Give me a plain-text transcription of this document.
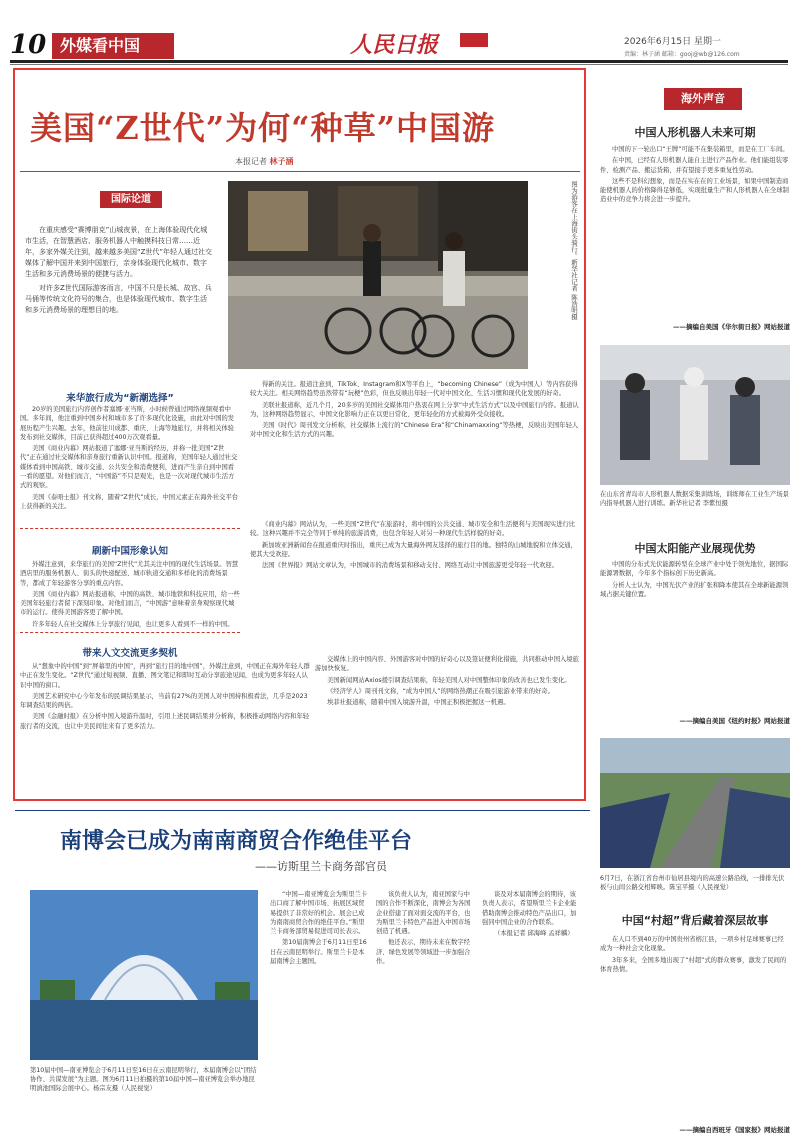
10 外媒看中国	人民日报	2026年6月15日 星期一
责编：林子涵 邮箱：gooj@wb@126.com
美国“Z世代”为何“种草”中国游
本报记者 林子涵
国际论道

在重庆感受“赛博朋克”山城夜景，在上海体验现代化城市生活，在智慧酒店、服务机器人中触摸科技日常……近年，多家外媒关注到，越来越多美国“Z世代”年轻人通过社交媒体了解中国并来到中国旅行，亲身体验现代化城市、数字生活和多元消费场景的便捷与活力。

对许多Z世代国际游客而言，中国不只是长城、故宫、兵马俑等传统文化符号的集合，也是体验现代城市、数字生活和多元消费场景的理想目的地。	图为游客在上海街头骑行。新华社记者 陈浩明摄
来华旅行成为“新潮选择”

20岁的美国旅行内容创作者塞娜·亚当斯，小时候曾通过网络视频观看中国。多年间，他注重到中国乡村和城市多了许多现代化设施，由此对中国的发展历程产生兴趣。去年，他前往川成都、重庆、上海等地旅行，并将相关体验发布到社交媒体，目前已获得超过400万次观看量。

美国《商业内幕》网站报道了塞娜·亚当斯的经历，并称一批美国“Z世代”正在通过社交媒体和亲身旅行重新认识中国。报道称，美国年轻人通过社交媒体看到中国高铁、城市交通、公共安全和消费便利，进而产生亲自到中国看一看的愿望。对他们而言，“中国游”不只是观光，也是一次对现代城市生活方式的观察。

美国《泰晤士报》刊文称，随着“Z世代”成长，中国元素正在海外社交平台上获得新的关注。

刷新中国形象认知

外媒注意到，来华旅行的美国“Z世代”尤其关注中国的现代生活场景。智慧酒店里的服务机器人、街头的快递配送、城市轨道交通和多样化的消费场景等，都成了年轻游客分享的重点内容。

美国《商业内幕》网站报道称，中国的高铁、城市地铁和科技应用，给一些美国年轻旅行者留下深刻印象。对他们而言，“中国游”意味着亲身观察现代城市的运行。使得美国游客更了解中国。

许多年轻人在社交媒体上分享旅行见闻，也让更多人看到不一样的中国。

带来人文交流更多契机

从“想象中的中国”到“屏幕里的中国”，再到“旅行目的地中国”，外媒注意到，中国正在海外年轻人群中正在发生变化。“Z世代”通过短视频、直播、图文笔记和即时互动分享旅途见闻，也成为更多年轻人认识中国的窗口。

美国艺术研究中心今年发布的民调结果显示，当前有27%的美国人对中国持积极看法，几乎是2023年调查结果的两倍。

美国《金融时报》在分析中国入境游升温时，引用上述民调结果并分析称，积极推动网络内容和年轻旅行者的交流，也让中美民间往来有了更多活力。

得新的关注。报道注意到，TikTok、Instagram和X等平台上，“becoming Chinese”（成为中国人）等内容获得较大关注。相关网络趋势虽然带有“玩梗”色彩，但也反映出年轻一代对中国文化、生活习惯和现代化发展的好奇。

美联社报道称，近几个月，20多岁的美国社交媒体用户热衷在网上分享“中式生活方式”以及中国旅行内容。报道认为，这种网络趋势显示，中国文化影响力正在以更日常化、更年轻化的方式被海外受众接收。

美国《时代》周刊发文分析称，社交媒体上流行的“Chinese Era”和“Chinamaxxing”等热梗，反映出美国年轻人对中国文化和生活方式的兴趣。

《商业内幕》网站认为，一些美国“Z世代”在旅游时，将中国的公共交通、城市安全和生活便利与美国现实进行比较。这种兴趣并不完全等同于单纯的旅游消费，也包含年轻人对另一种现代生活样貌的好奇。

新加坡亚洲新闻台在报道重庆时指出，重庆已成为大量海外网友选择的旅行目的地。独特的山城地貌和立体交通，使其大受欢迎。

法国《世界报》网站文章认为，中国城市的消费场景和移动支付、网络互动让中国旅游更受年轻一代欢迎。

交媒体上的中国内容、外国游客对中国的好奇心以及签证便利化措施，共同推动中国入境旅游加快恢复。

美国新闻网站Axios援引调查结果称，年轻美国人对中国整体印象的改善也已发生变化。

《经济学人》周刊刊文称，“成为中国人”的网络热潮正在吸引旅游业带来的好奇。

埃菲社报道称，随着中国入境游升温，中国正积极把握这一机遇。

海外声音
中国人形机器人未来可期

中国的下一轮出口“王牌”可能不在集装箱里，而是在工厂车间。

在中国，已经有人形机器人能自主进行产品作业。他们能组装零件、检测产品、搬运货箱，并有望接手更多重复性劳动。

这些不是科幻想象，而是在实在在的工业场景，如果中国制造商能使机器人的价格降得足够低，实现批量生产和人形机器人在全球制造业中的竞争力将会进一步提升。

——摘编自美国《华尔街日报》网站报道
在山东省青岛市人形机器人数据采集训练场，训练师在工业生产场景内指导机器人进行训练。新华社记者 李紫恒摄
中国太阳能产业展现优势

中国的分布式光伏能源转型在全球产业中处于领先地位，据国际能源署数据，今年多个指标创下历史新高。

分析人士认为，中国光伏产业的扩张和降本使其在全球新能源领域占据关键位置。

——摘编自美国《纽约时报》网站报道
6月7日，在浙江省台州市仙居县境内的高速公路沿线，一排排光伏板与山间公路交相辉映。陈宝平摄（人民视觉）
中国“村超”背后藏着深层故事

在人口不到40万的中国贵州省榕江县，一项乡村足球赛事已经成为一种社会文化现象。

3年多来，全国多地出现了“村超”式的群众赛事，激发了民间的体育热情。

——摘编自西班牙《国家报》网站报道
南博会已成为南南商贸合作绝佳平台
——访斯里兰卡商务部官员
第10届中国—南亚博览会于6月11日至16日在云南昆明举行，本届南博会以“团结协作、共谋发展”为主题。图为6月11日拍摄的第10届中国—南亚博览会举办地昆明滇池国际会展中心。杨宗友摄（人民视觉）

“中国—南亚博览会为斯里兰卡出口商了解中国市场、拓展区域贸易提供了非常好的机会。展会已成为南南商贸合作的绝佳平台。”斯里兰卡商务部贸易促进司司长表示。

第10届南博会于6月11日至16日在云南昆明举行。斯里兰卡是本届南博会主题国。

该负责人认为，南亚国家与中国的合作不断深化，南博会为各国企业搭建了面对面交流的平台，也为斯里兰卡特色产品进入中国市场创造了机遇。

他还表示，期待未来在数字经济、绿色发展等领域进一步加强合作。

谈及对本届南博会的期待，该负责人表示，希望斯里兰卡企业能借助南博会推动特色产品出口，加强同中国企业的合作联系。

（本报记者 邱海峰 孟祥麟）
